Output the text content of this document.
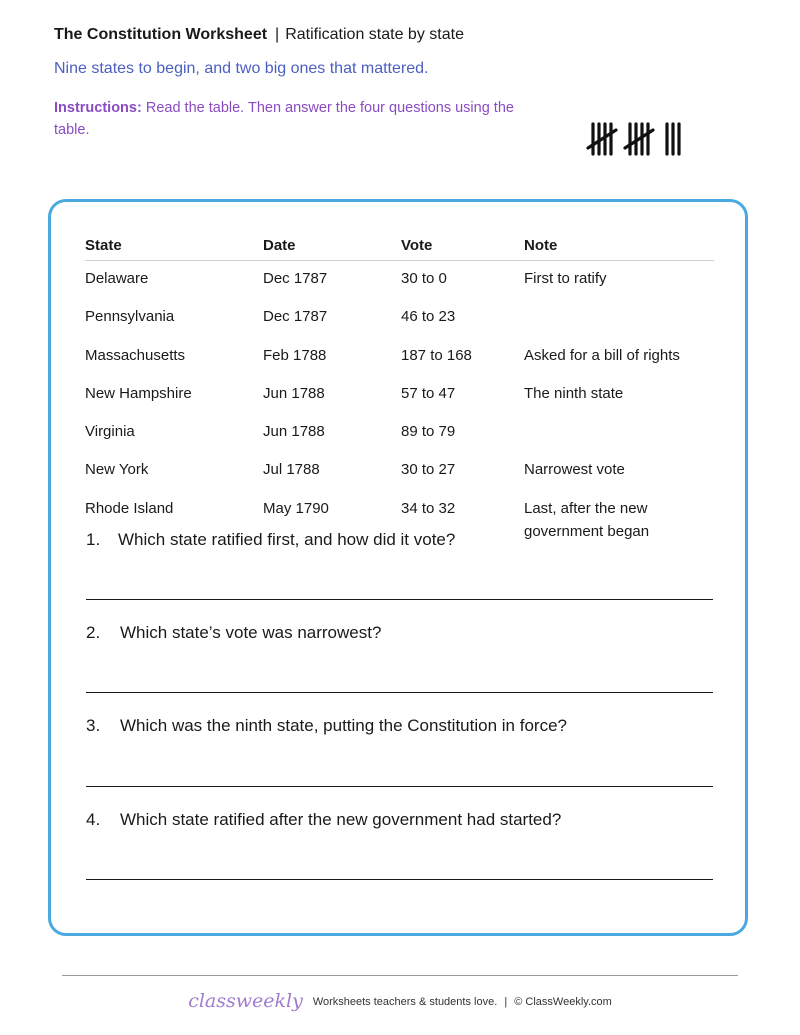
The Constitution Worksheet | Ratification state by state
Nine states to begin, and two big ones that mattered.
Instructions: Read the table. Then answer the four questions using the table.
State	Date	Vote	Note

Delaware	Dec 1787	30 to 0	First to ratify
Pennsylvania	Dec 1787	46 to 23	
Massachusetts	Feb 1788	187 to 168	Asked for a bill of rights
New Hampshire	Jun 1788	57 to 47	The ninth state
Virginia	Jun 1788	89 to 79	
New York	Jul 1788	30 to 27	Narrowest vote
Rhode Island	May 1790	34 to 32	Last, after the new government began
1. Which state ratified first, and how did it vote?
2. Which state’s vote was narrowest?
3. Which was the ninth state, putting the Constitution in force?
4. Which state ratified after the new government had started?
classweekly Worksheets teachers & students love. | © ClassWeekly.com
